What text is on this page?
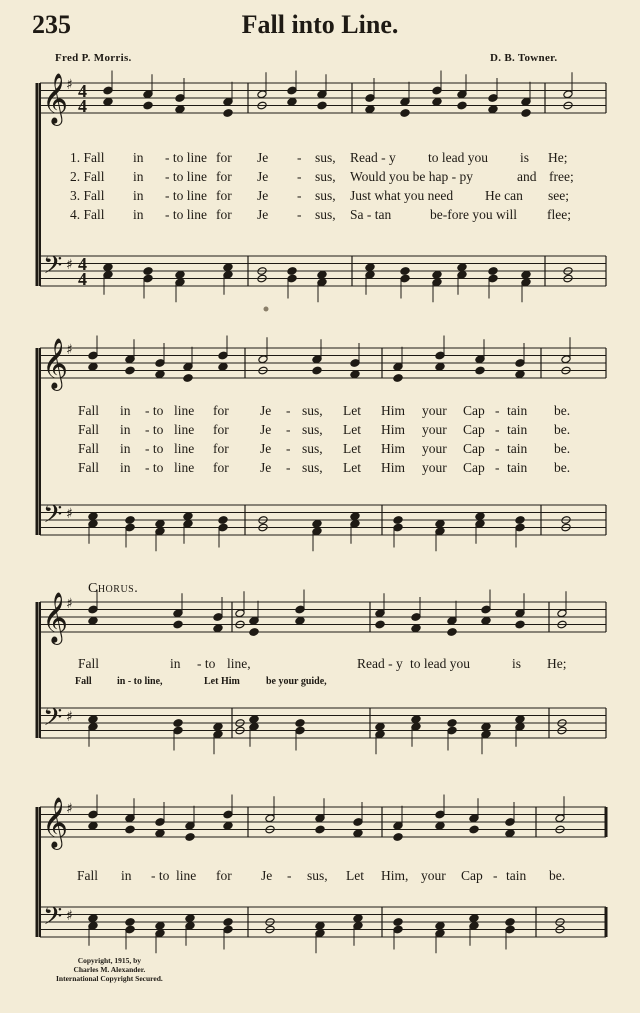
235	Fall into Line.
Fred P. Morris.	D. B. Towner.
𝄞
𝄢
♯
♯
4
4
4
4
𝄞
𝄢
♯
♯
𝄞
𝄢
♯
♯
𝄞
𝄢
♯
♯
1. Fall in - to line for Je - sus, Read - y to lead you is He;
2. Fall in - to line for Je - sus, Would you be hap - py	and free;
3. Fall in - to line for Je - sus, Just what you need He can see;
4. Fall in - to line for Je - sus, Sa - tan	be-fore you will flee;
Fall in - to line for Je - sus, Let Him your Cap - tain be.
Fall in - to line for Je - sus, Let Him your Cap - tain be.
Fall in - to line for Je - sus, Let Him your Cap - tain be.
Fall in - to line for Je - sus, Let Him your Cap - tain be.
Chorus.
Fall	in - to line,	Read - y to lead you	is He;
Fall	in - to line,	Let Him	be your guide,
Fall in - to line for Je - sus, Let Him, your Cap - tain be.
Copyright, 1915, by
Charles M. Alexander.
International Copyright Secured.
